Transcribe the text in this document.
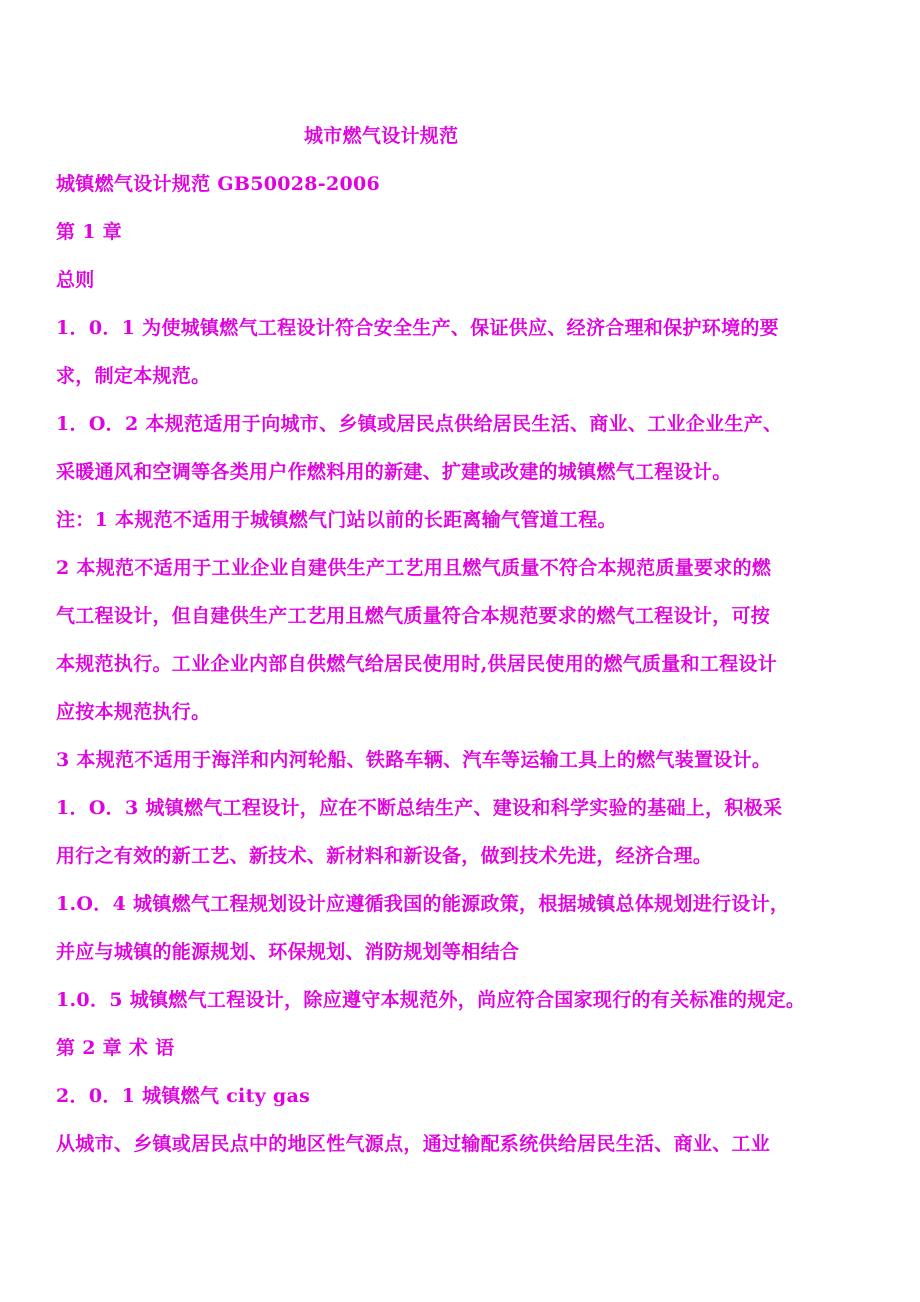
城市燃气设计规范
城镇燃气设计规范 GB50028-2006
第 1 章
总则
1．0．1 为使城镇燃气工程设计符合安全生产、保证供应、经济合理和保护环境的要
求，制定本规范。
1．O．2 本规范适用于向城市、乡镇或居民点供给居民生活、商业、工业企业生产、
采暖通风和空调等各类用户作燃料用的新建、扩建或改建的城镇燃气工程设计。
注：1 本规范不适用于城镇燃气门站以前的长距离输气管道工程。
2 本规范不适用于工业企业自建供生产工艺用且燃气质量不符合本规范质量要求的燃
气工程设计，但自建供生产工艺用且燃气质量符合本规范要求的燃气工程设计，可按
本规范执行。工业企业内部自供燃气给居民使用时,供居民使用的燃气质量和工程设计
应按本规范执行。
3 本规范不适用于海洋和内河轮船、铁路车辆、汽车等运输工具上的燃气装置设计。
1．O．3 城镇燃气工程设计，应在不断总结生产、建设和科学实验的基础上，积极采
用行之有效的新工艺、新技术、新材料和新设备，做到技术先进，经济合理。
1.O．4 城镇燃气工程规划设计应遵循我国的能源政策，根据城镇总体规划进行设计，
并应与城镇的能源规划、环保规划、消防规划等相结合
1.0．5 城镇燃气工程设计，除应遵守本规范外，尚应符合国家现行的有关标准的规定。
第 2 章 术 语
2．0．1 城镇燃气 city gas
从城市、乡镇或居民点中的地区性气源点，通过输配系统供给居民生活、商业、工业
